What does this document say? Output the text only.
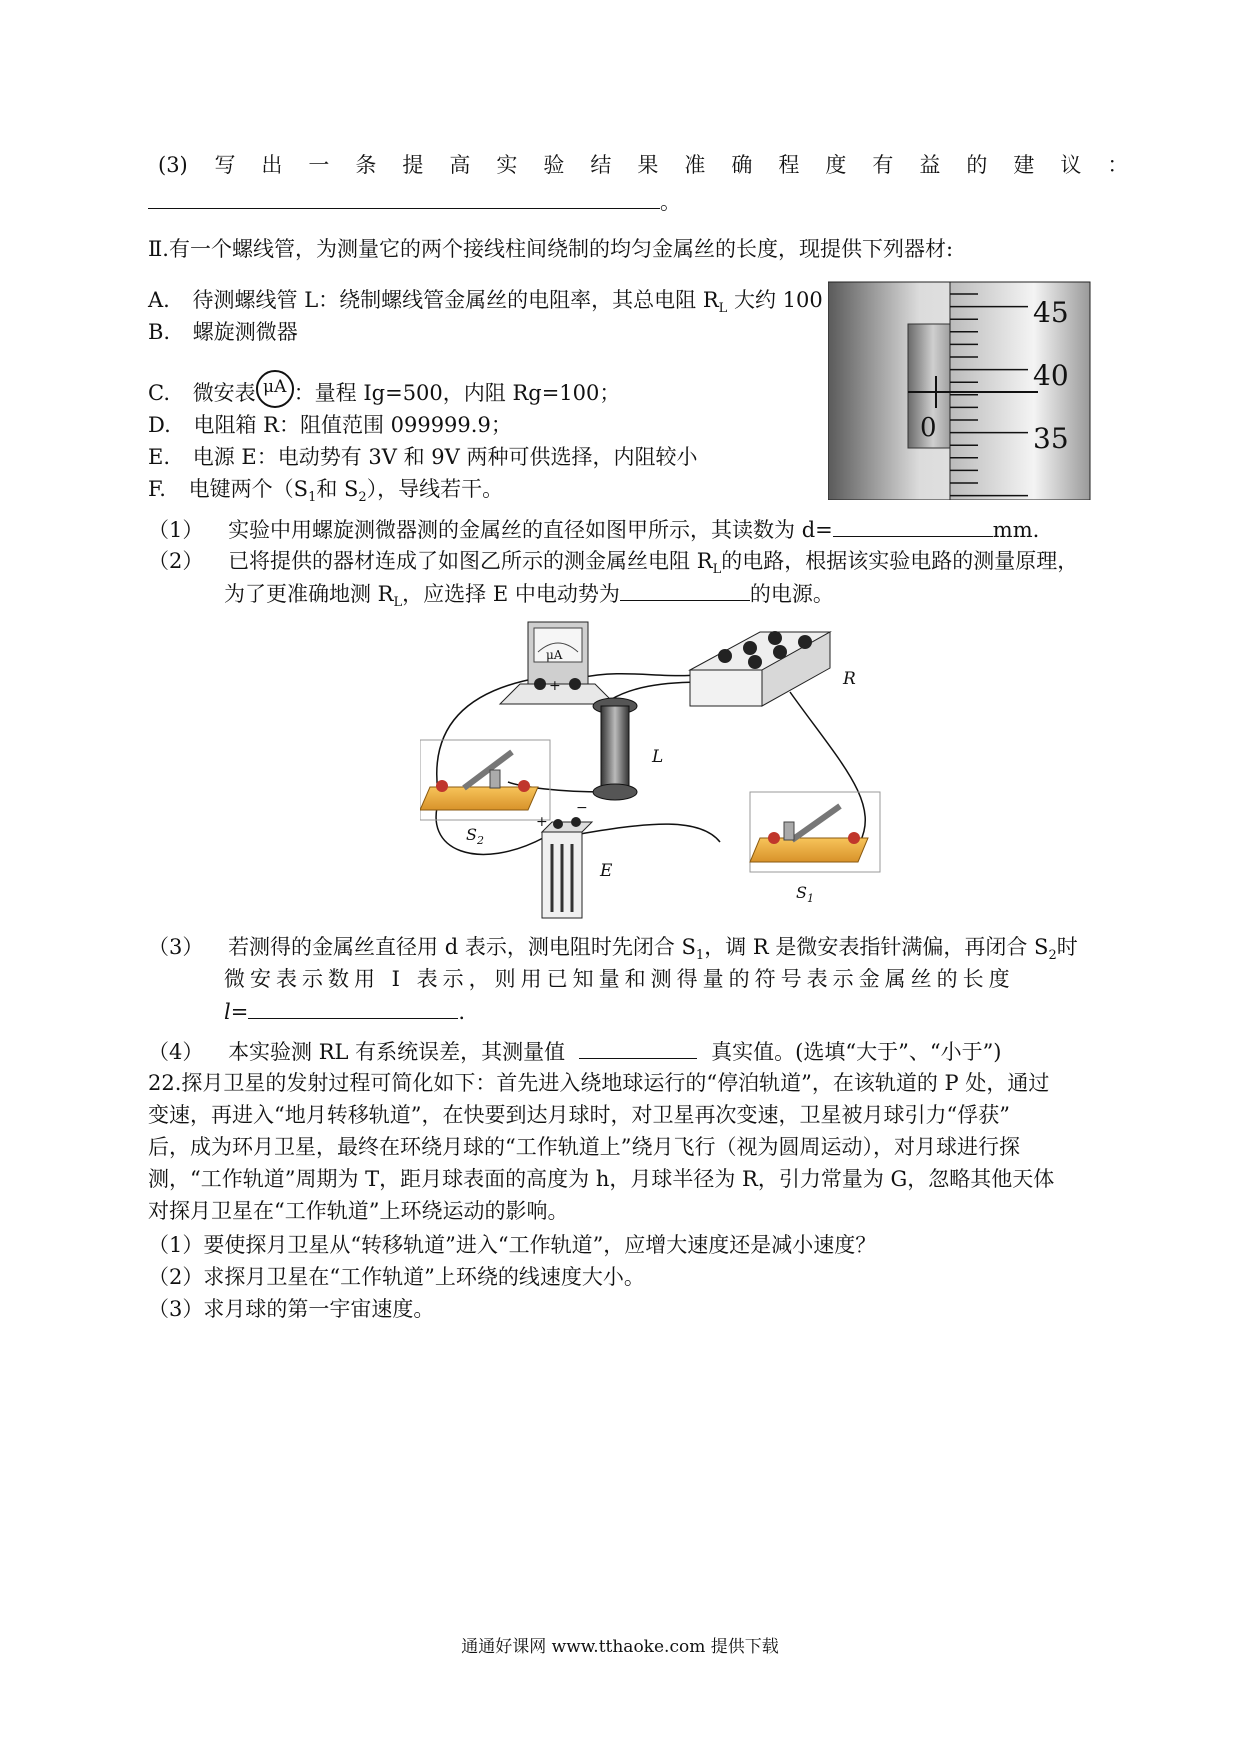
(3) 写出一条提高实验结果准确程度有益的建议：
。
Ⅱ.有一个螺线管，为测量它的两个接线柱间绕制的均匀金属丝的长度，现提供下列器材:
A. 待测螺线管 L：绕制螺线管金属丝的电阻率，其总电阻 $R_L$ 大约 100
B. 螺旋测微器
C. 微安表 μA ：量程 Ig=500，内阻 Rg=100；
D. 电阻箱 R：阻值范围 099999.9；
E. 电源 E：电动势有 3V 和 9V 两种可供选择，内阻较小
F. 电键两个（$S_1$和 $S_2$），导线若干。
45
40
35
0
（1） 实验中用螺旋测微器测的金属丝的直径如图甲所示，其读数为 d=	mm.
（2） 已将提供的器材连成了如图乙所示的测金属丝电阻 $R_L$的电路，根据该实验电路的测量原理，
为了更准确地测 $R_L$，应选择 E 中电动势为	的电源。
μA
+	R
L
$S_2$
$S_1$
+
−
E
（3） 若测得的金属丝直径用 d 表示，测电阻时先闭合 $S_1$，调 R 是微安表指针满偏，再闭合 $S_2$时
微安表示数用 I 表示，则用已知量和测得量的符号表示金属丝的长度
l=	.
（4） 本实验测 RL 有系统误差，其测量值	真实值。(选填“大于”、“小于”)
22.探月卫星的发射过程可简化如下：首先进入绕地球运行的“停泊轨道”，在该轨道的 P 处，通过
变速，再进入“地月转移轨道”，在快要到达月球时，对卫星再次变速，卫星被月球引力“俘获”
后，成为环月卫星，最终在环绕月球的“工作轨道上”绕月飞行（视为圆周运动），对月球进行探
测，“工作轨道”周期为 T，距月球表面的高度为 h，月球半径为 R，引力常量为 G，忽略其他天体
对探月卫星在“工作轨道”上环绕运动的影响。
（1）要使探月卫星从“转移轨道”进入“工作轨道”，应增大速度还是减小速度？
（2）求探月卫星在“工作轨道”上环绕的线速度大小。
（3）求月球的第一宇宙速度。
通通好课网 www.tthaoke.com 提供下载
